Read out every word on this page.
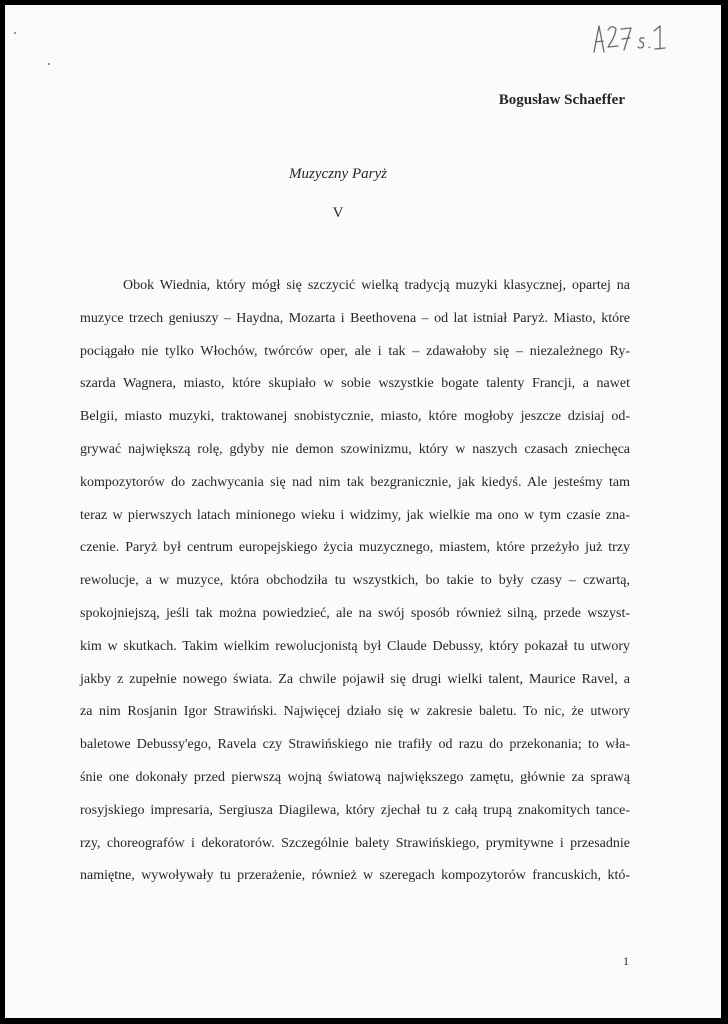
Bogusław Schaeffer
Muzyczny Paryż
V
Obok Wiednia, który mógł się szczycić wielką tradycją muzyki klasycznej, opartej na
muzyce trzech geniuszy – Haydna, Mozarta i Beethovena – od lat istniał Paryż. Miasto, które
pociągało nie tylko Włochów, twórców oper, ale i tak – zdawałoby się – niezależnego Ry-
szarda Wagnera, miasto, które skupiało w sobie wszystkie bogate talenty Francji, a nawet
Belgii, miasto muzyki, traktowanej snobistycznie, miasto, które mogłoby jeszcze dzisiaj od-
grywać największą rolę, gdyby nie demon szowinizmu, który w naszych czasach zniechęca
kompozytorów do zachwycania się nad nim tak bezgranicznie, jak kiedyś. Ale jesteśmy tam
teraz w pierwszych latach minionego wieku i widzimy, jak wielkie ma ono w tym czasie zna-
czenie. Paryż był centrum europejskiego życia muzycznego, miastem, które przeżyło już trzy
rewolucje, a w muzyce, która obchodziła tu wszystkich, bo takie to były czasy – czwartą,
spokojniejszą, jeśli tak można powiedzieć, ale na swój sposób również silną, przede wszyst-
kim w skutkach. Takim wielkim rewolucjonistą był Claude Debussy, który pokazał tu utwory
jakby z zupełnie nowego świata. Za chwile pojawił się drugi wielki talent, Maurice Ravel, a
za nim Rosjanin Igor Strawiński. Najwięcej działo się w zakresie baletu. To nic, że utwory
baletowe Debussy'ego, Ravela czy Strawińskiego nie trafiły od razu do przekonania; to wła-
śnie one dokonały przed pierwszą wojną światową największego zamętu, głównie za sprawą
rosyjskiego impresaria, Sergiusza Diagilewa, który zjechał tu z całą trupą znakomitych tance-
rzy, choreografów i dekoratorów. Szczególnie balety Strawińskiego, prymitywne i przesadnie
namiętne, wywoływały tu przerażenie, również w szeregach kompozytorów francuskich, któ-
1
